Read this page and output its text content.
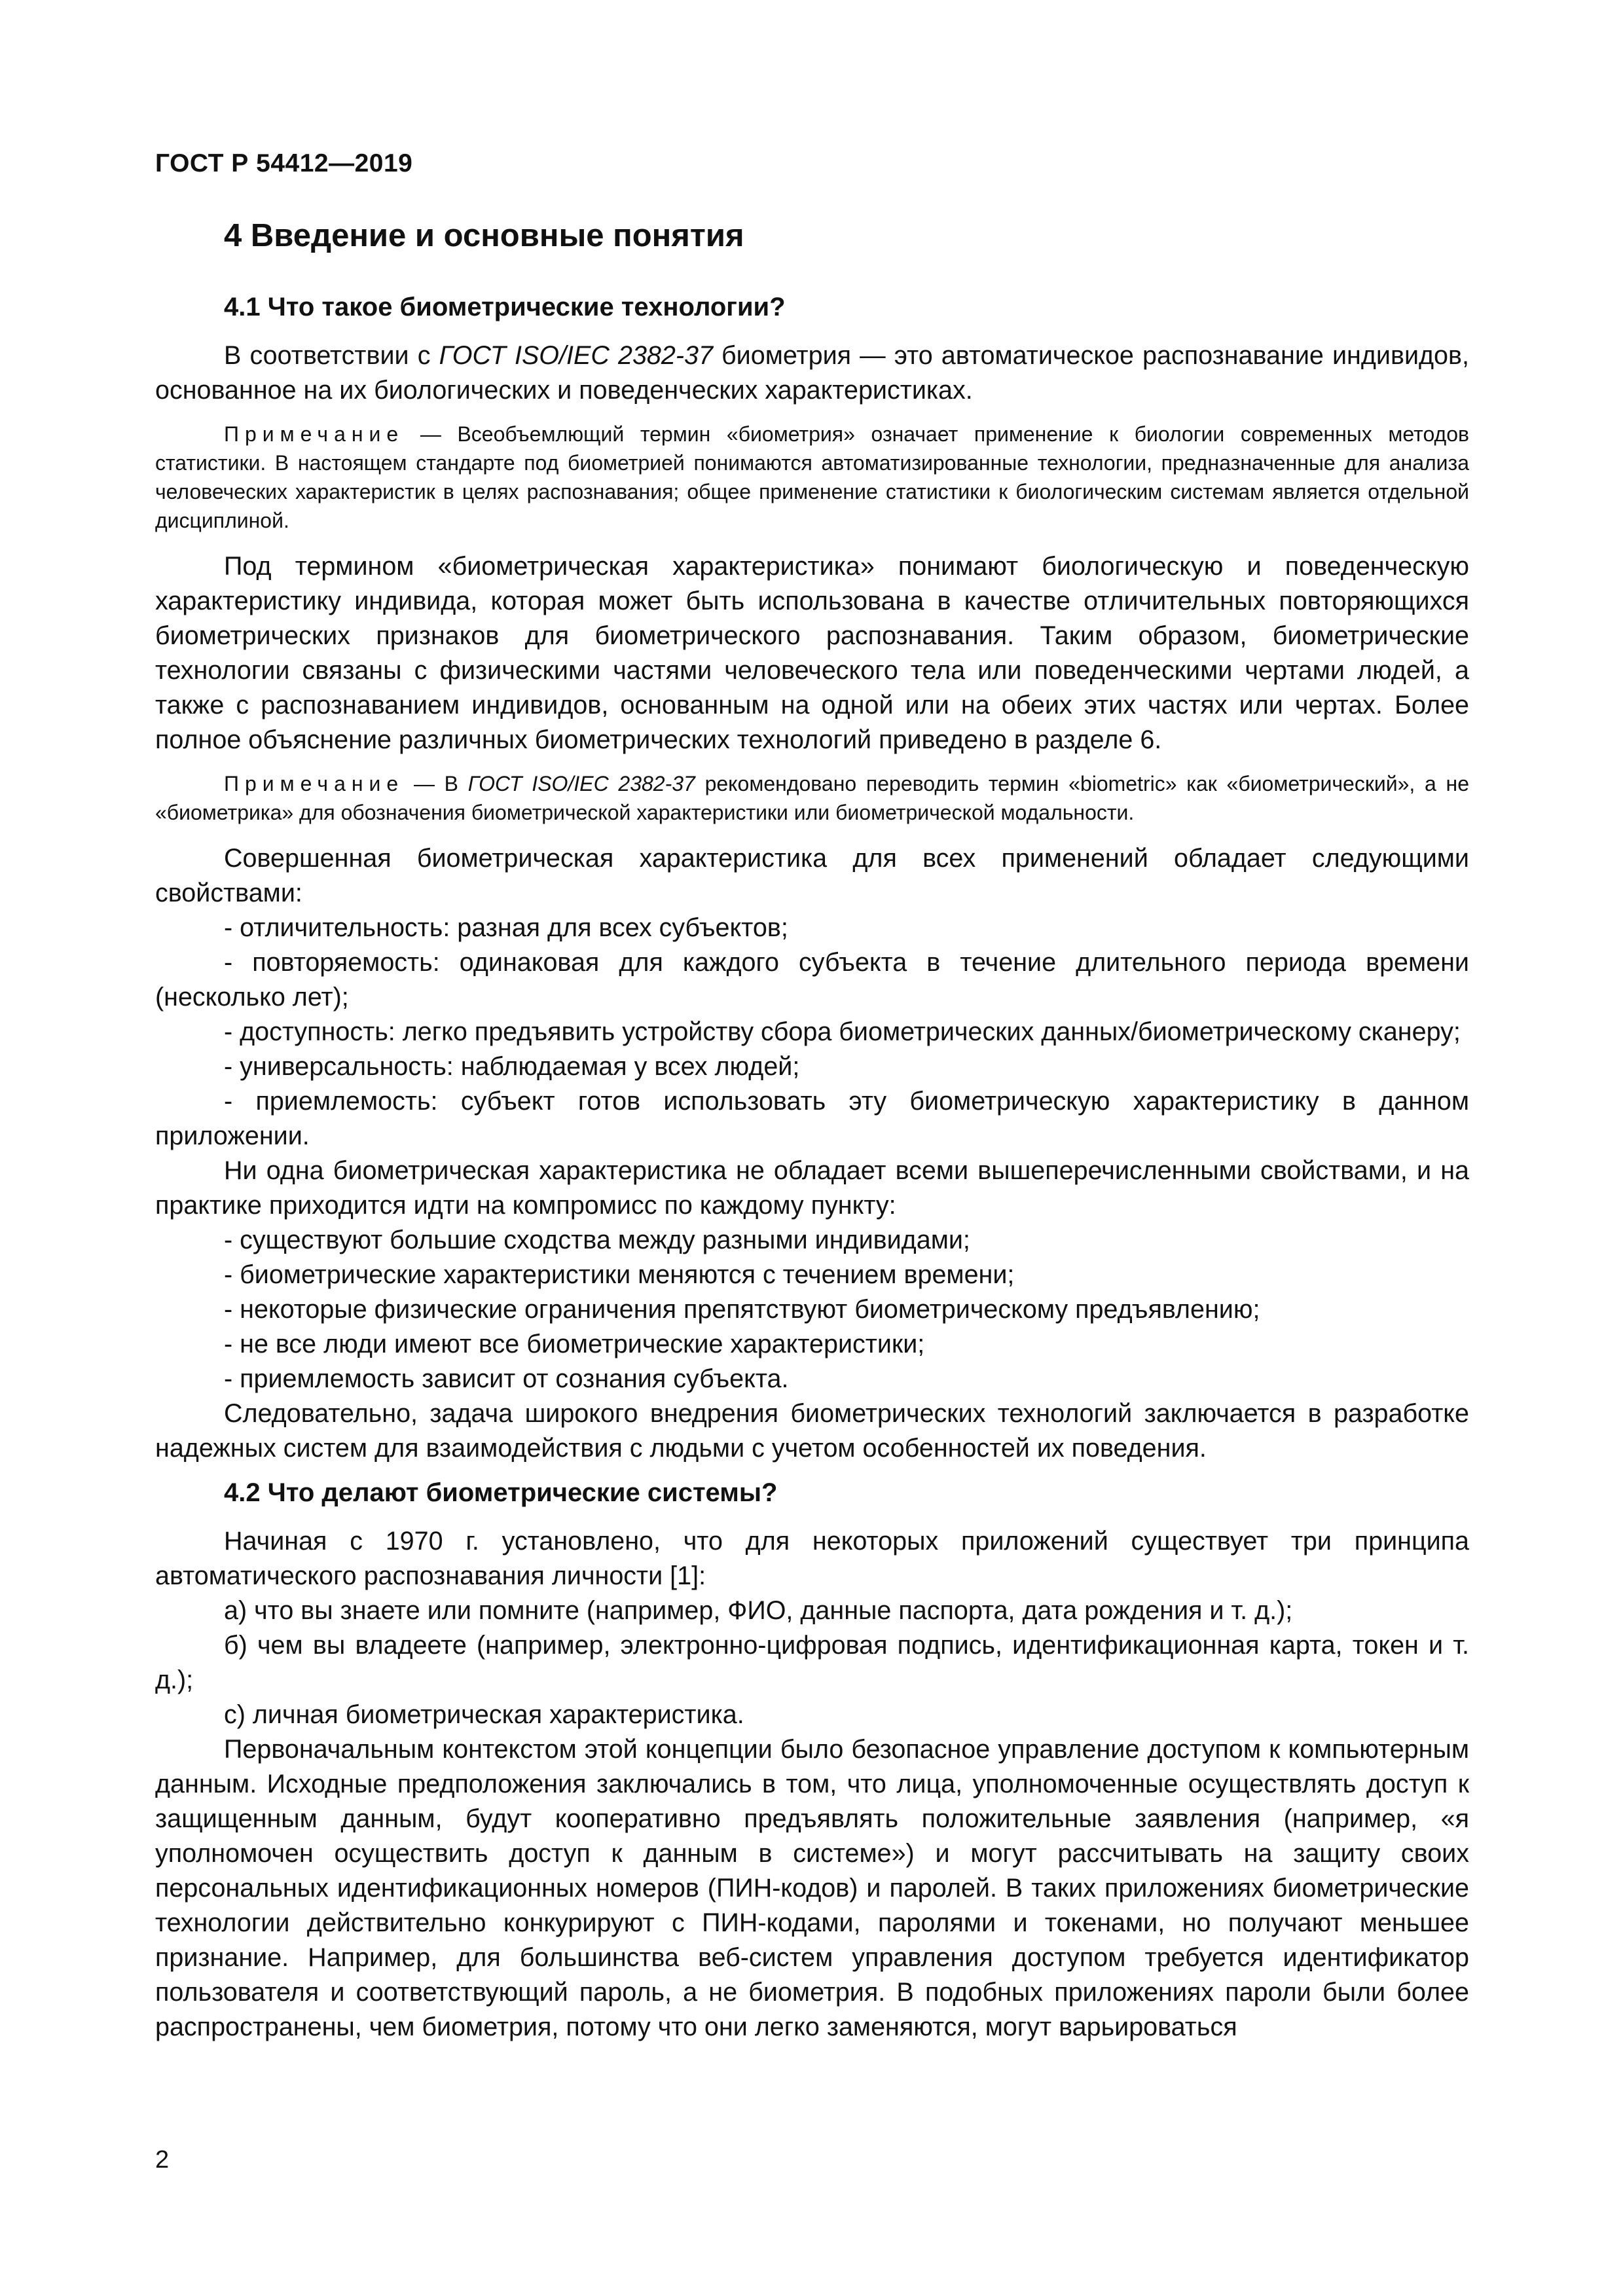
ГОСТ Р 54412—2019
4 Введение и основные понятия
4.1 Что такое биометрические технологии?

В соответствии с ГОСТ ISO/IEC 2382-37 биометрия — это автоматическое распознавание индивидов, основанное на их биологических и поведенческих характеристиках.

Примечание — Всеобъемлющий термин «биометрия» означает применение к биологии современных методов статистики. В настоящем стандарте под биометрией понимаются автоматизированные технологии, предназначенные для анализа человеческих характеристик в целях распознавания; общее применение статистики к биологическим системам является отдельной дисциплиной.

Под термином «биометрическая характеристика» понимают биологическую и поведенческую характеристику индивида, которая может быть использована в качестве отличительных повторяющихся биометрических признаков для биометрического распознавания. Таким образом, биометрические технологии связаны с физическими частями человеческого тела или поведенческими чертами людей, а также с распознаванием индивидов, основанным на одной или на обеих этих частях или чертах. Более полное объяснение различных биометрических технологий приведено в разделе 6.

Примечание — В ГОСТ ISO/IEC 2382-37 рекомендовано переводить термин «biometric» как «биометрический», а не «биометрика» для обозначения биометрической характеристики или биометрической модальности.

Совершенная биометрическая характеристика для всех применений обладает следующими свойствами:

- отличительность: разная для всех субъектов;

- повторяемость: одинаковая для каждого субъекта в течение длительного периода времени (несколько лет);

- доступность: легко предъявить устройству сбора биометрических данных/биометрическому сканеру;

- универсальность: наблюдаемая у всех людей;

- приемлемость: субъект готов использовать эту биометрическую характеристику в данном приложении.

Ни одна биометрическая характеристика не обладает всеми вышеперечисленными свойствами, и на практике приходится идти на компромисс по каждому пункту:

- существуют большие сходства между разными индивидами;

- биометрические характеристики меняются с течением времени;

- некоторые физические ограничения препятствуют биометрическому предъявлению;

- не все люди имеют все биометрические характеристики;

- приемлемость зависит от сознания субъекта.

Следовательно, задача широкого внедрения биометрических технологий заключается в разработке надежных систем для взаимодействия с людьми с учетом особенностей их поведения.

4.2 Что делают биометрические системы?

Начиная с 1970 г. установлено, что для некоторых приложений существует три принципа автоматического распознавания личности [1]:

а) что вы знаете или помните (например, ФИО, данные паспорта, дата рождения и т. д.);

б) чем вы владеете (например, электронно-цифровая подпись, идентификационная карта, токен и т. д.);

с) личная биометрическая характеристика.

Первоначальным контекстом этой концепции было безопасное управление доступом к компьютерным данным. Исходные предположения заключались в том, что лица, уполномоченные осуществлять доступ к защищенным данным, будут кооперативно предъявлять положительные заявления (например, «я уполномочен осуществить доступ к данным в системе») и могут рассчитывать на защиту своих персональных идентификационных номеров (ПИН-кодов) и паролей. В таких приложениях биометрические технологии действительно конкурируют с ПИН-кодами, паролями и токенами, но получают меньшее признание. Например, для большинства веб-систем управления доступом требуется идентификатор пользователя и соответствующий пароль, а не биометрия. В подобных приложениях пароли были более распространены, чем биометрия, потому что они легко заменяются, могут варьироваться

2
